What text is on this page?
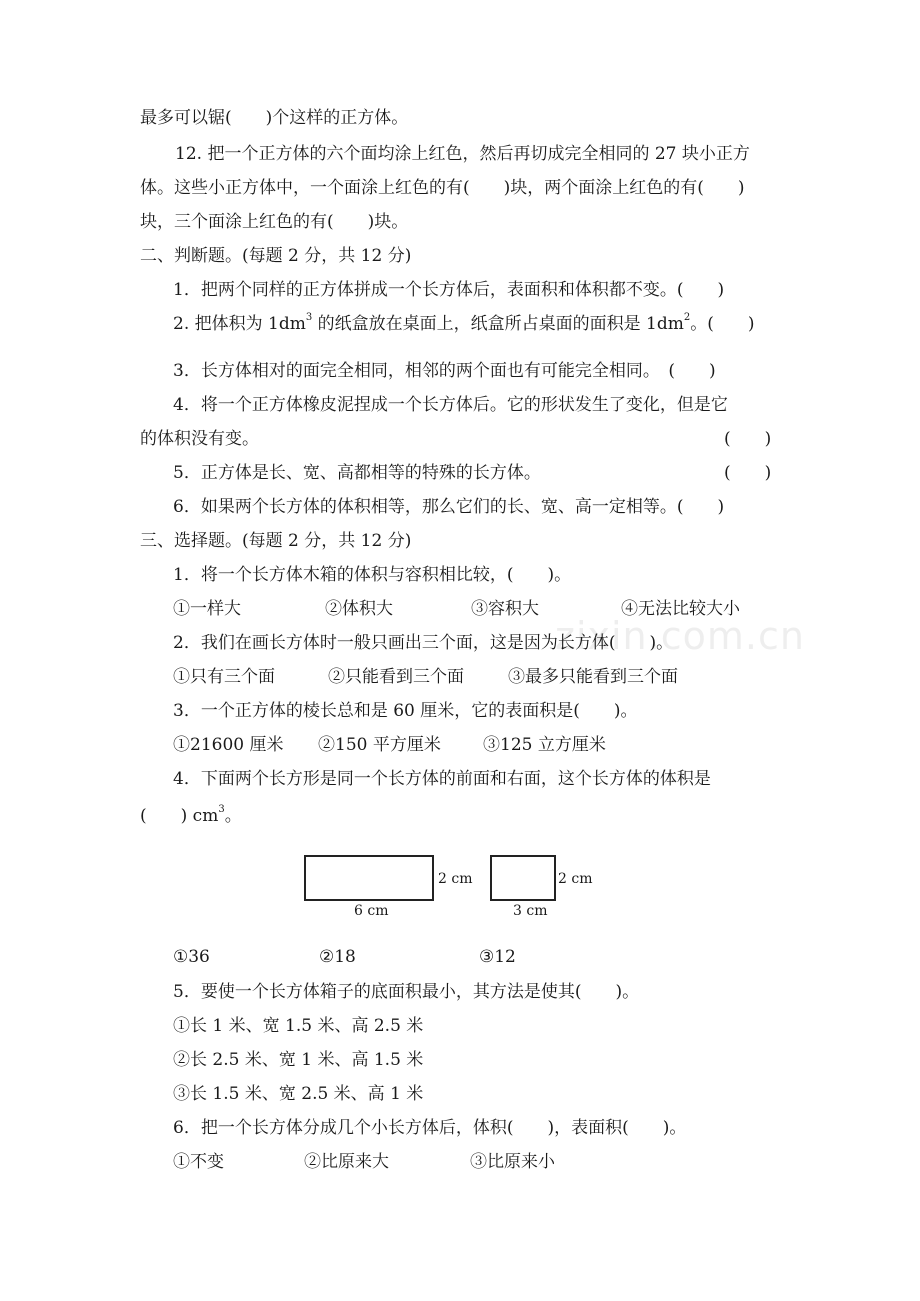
zixin.com.cn
最多可以锯(　　)个这样的正方体。
12. 把一个正方体的六个面均涂上红色，然后再切成完全相同的 27 块小正方
体。这些小正方体中，一个面涂上红色的有(　　)块，两个面涂上红色的有(　　)
块，三个面涂上红色的有(　　)块。
二、判断题。(每题 2 分，共 12 分)
1．把两个同样的正方体拼成一个长方体后，表面积和体积都不变。(　　)
2. 把体积为 $1dm^3$ 的纸盒放在桌面上，纸盒所占桌面的面积是 $1dm^2$。(　　)
3．长方体相对的面完全相同，相邻的两个面也有可能完全相同。　(　　)
4．将一个正方体橡皮泥捏成一个长方体后。它的形状发生了变化，但是它
的体积没有变。	(　　)
5．正方体是长、宽、高都相等的特殊的长方体。	(　　)
6．如果两个长方体的体积相等，那么它们的长、宽、高一定相等。(　　)
三、选择题。(每题 2 分，共 12 分)
1．将一个长方体木箱的体积与容积相比较，(　　)。
①一样大	②体积大	③容积大	④无法比较大小
2．我们在画长方体时一般只画出三个面，这是因为长方体(　　)。
①只有三个面	②只能看到三个面	③最多只能看到三个面
3．一个正方体的棱长总和是 60 厘米，它的表面积是(　　)。
①21600 厘米 ②150 平方厘米 ③125 立方厘米
4．下面两个长方形是同一个长方体的前面和右面，这个长方体的体积是
(　　) $cm^3$。
2 cm
6 cm
2 cm
3 cm
①36	②18	③12
5．要使一个长方体箱子的底面积最小，其方法是使其(　　)。
①长 1 米、宽 1.5 米、高 2.5 米
②长 2.5 米、宽 1 米、高 1.5 米
③长 1.5 米、宽 2.5 米、高 1 米
6．把一个长方体分成几个小长方体后，体积(　　)，表面积(　　)。
①不变	②比原来大	③比原来小
